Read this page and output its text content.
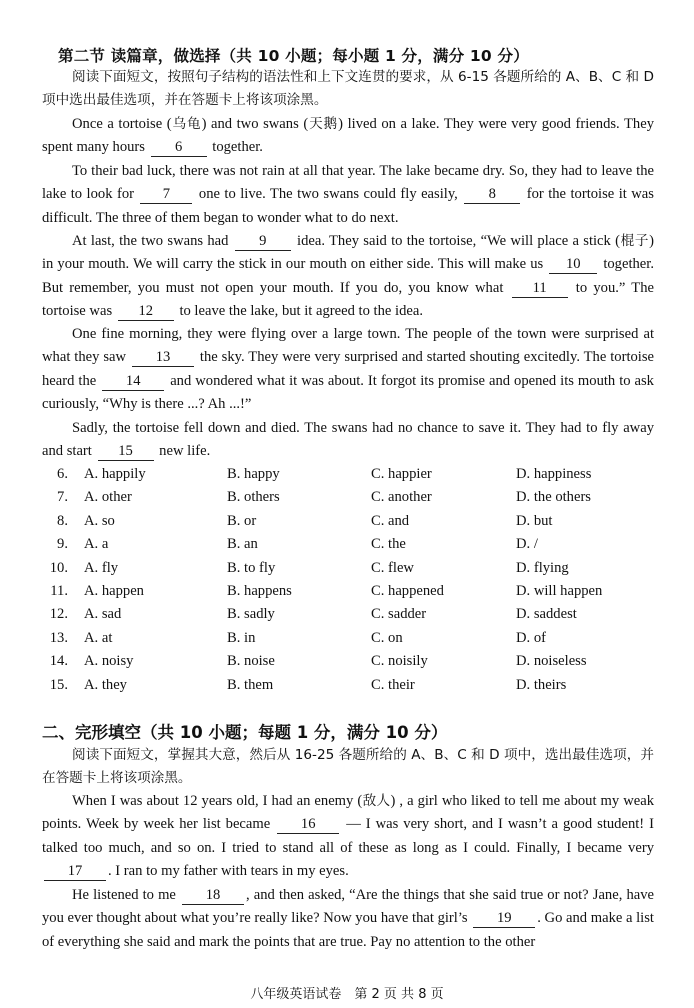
第二节 读篇章，做选择（共 10 小题；每小题 1 分，满分 10 分）

阅读下面短文，按照句子结构的语法性和上下文连贯的要求，从 6-15 各题所给的 A、B、C 和 D 项中选出最佳选项，并在答题卡上将该项涂黑。

Once a tortoise (乌龟) and two swans (天鹅) lived on a lake. They were very good friends. They spent many hours 6 together.

To their bad luck, there was not rain at all that year. The lake became dry. So, they had to leave the lake to look for 7 one to live. The two swans could fly easily, 8 for the tortoise it was difficult. The three of them began to wonder what to do next.

At last, the two swans had 9 idea. They said to the tortoise, “We will place a stick (棍子) in your mouth. We will carry the stick in our mouth on either side. This will make us 10 together. But remember, you must not open your mouth. If you do, you know what 11 to you.” The tortoise was 12 to leave the lake, but it agreed to the idea.

One fine morning, they were flying over a large town. The people of the town were surprised at what they saw 13 the sky. They were very surprised and started shouting excitedly. The tortoise heard the 14 and wondered what it was about. It forgot its promise and opened its mouth to ask curiously, “Why is there ...? Ah ...!”

Sadly, the tortoise fell down and died. The swans had no chance to save it. They had to fly away and start 15 new life.

6. A. happily	B. happy	C. happier	D. happiness
7. A. other	B. others	C. another	D. the others
8. A. so	B. or	C. and	D. but
9. A. a	B. an	C. the	D. /
10. A. fly	B. to fly	C. flew	D. flying
11. A. happen	B. happens	C. happened	D. will happen
12. A. sad	B. sadly	C. sadder	D. saddest
13. A. at	B. in	C. on	D. of
14. A. noisy	B. noise	C. noisily	D. noiseless
15. A. they	B. them	C. their	D. theirs
二、完形填空（共 10 小题；每题 1 分，满分 10 分）

阅读下面短文，掌握其大意，然后从 16-25 各题所给的 A、B、C 和 D 项中，选出最佳选项，并在答题卡上将该项涂黑。

When I was about 12 years old, I had an enemy (敌人) , a girl who liked to tell me about my weak points. Week by week her list became 16 — I was very short, and I wasn’t a good student! I talked too much, and so on. I tried to stand all of these as long as I could. Finally, I became very 17 . I ran to my father with tears in my eyes.

He listened to me 18 , and then asked, “Are the things that she said true or not? Jane, have you ever thought about what you’re really like? Now you have that girl’s 19 . Go and make a list of everything she said and mark the points that are true. Pay no attention to the other

八年级英语试卷　第 2 页 共 8 页
